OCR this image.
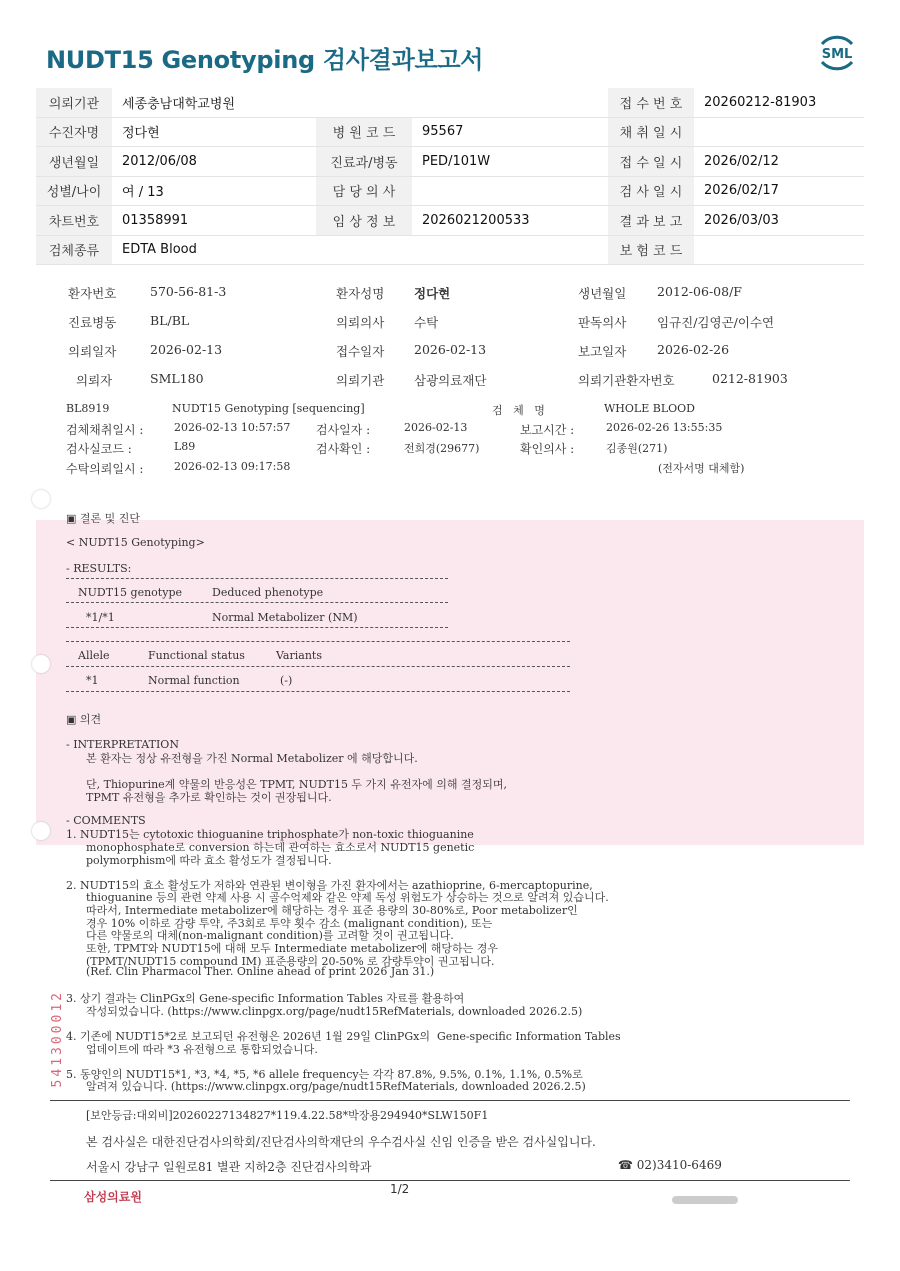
NUDT15 Genotyping 검사결과보고서	SML
의뢰기관	세종충남대학교병원			접 수 번 호	20260212-81903
수진자명	정다현	병 원 코 드	95567	채 취 일 시	
생년월일	2012/06/08	진료과/병동	PED/101W	접 수 일 시	2026/02/12
성별/나이	여 / 13	담 당 의 사		검 사 일 시	2026/02/17
차트번호	01358991	임 상 정 보	2026021200533	결 과 보 고	2026/03/03
검체종류	EDTA Blood			보 험 코 드	
환자번호	570-56-81-3	환자성명 정다현	생년월일 2012-06-08/F
진료병동	BL/BL	의뢰의사 수탁	판독의사 임규진/김영곤/이수연
의뢰일자	2026-02-13	접수일자 2026-02-13	보고일자 2026-02-26
의뢰자	SML180	의뢰기관 삼광의료재단	의뢰기관환자번호	0212-81903
BL8919	NUDT15 Genotyping [sequencing]	검   체   명	WHOLE BLOOD
검체채취일시 :	2026-02-13 10:57:57 검사일자 :	2026-02-13	보고시간 :	2026-02-26 13:55:35
검사실코드 :	L89	검사확인 :	전희경(29677)	확인의사 :	김종원(271)
수탁의뢰일시 :	2026-02-13 09:17:58	(전자서명 대체함)
▣ 결론 및 진단
< NUDT15 Genotyping>
- RESULTS:
NUDT15 genotype	Deduced phenotype
*1/*1	Normal Metabolizer (NM)
Allele	Functional status	Variants
*1	Normal function	(-)
▣ 의견
- INTERPRETATION
본 환자는 정상 유전형을 가진 Normal Metabolizer 에 해당합니다.
단, Thiopurine계 약물의 반응성은 TPMT, NUDT15 두 가지 유전자에 의해 결정되며,
TPMT 유전형을 추가로 확인하는 것이 권장됩니다.
- COMMENTS
1. NUDT15는 cytotoxic thioguanine triphosphate가 non-toxic thioguanine
monophosphate로 conversion 하는데 관여하는 효소로서 NUDT15 genetic
polymorphism에 따라 효소 활성도가 결정됩니다.
2. NUDT15의 효소 활성도가 저하와 연관된 변이형을 가진 환자에서는 azathioprine, 6-mercaptopurine,
thioguanine 등의 관련 약제 사용 시 골수억제와 같은 약제 독성 위험도가 상승하는 것으로 알려져 있습니다.
따라서, Intermediate metabolizer에 해당하는 경우 표준 용량의 30-80%로, Poor metabolizer인
경우 10% 이하로 감량 투약, 주3회로 투약 횟수 감소 (malignant condition), 또는
다른 약물로의 대체(non-malignant condition)를 고려할 것이 권고됩니다.
또한, TPMT와 NUDT15에 대해 모두 Intermediate metabolizer에 해당하는 경우
(TPMT/NUDT15 compound IM) 표준용량의 20-50% 로 감량투약이 권고됩니다.
(Ref. Clin Pharmacol Ther. Online ahead of print 2026 Jan 31.)
3. 상기 결과는 ClinPGx의 Gene-specific Information Tables 자료를 활용하여
작성되었습니다. (https://www.clinpgx.org/page/nudt15RefMaterials, downloaded 2026.2.5)
4. 기존에 NUDT15*2로 보고되던 유전형은 2026년 1월 29일 ClinPGx의  Gene-specific Information Tables
업데이트에 따라 *3 유전형으로 통합되었습니다.
5. 동양인의 NUDT15*1, *3, *4, *5, *6 allele frequency는 각각 87.8%, 9.5%, 0.1%, 1.1%, 0.5%로
알려져 있습니다. (https://www.clinpgx.org/page/nudt15RefMaterials, downloaded 2026.2.5)
541300012
[보안등급:대외비]20260227134827*119.4.22.58*박장용294940*SLW150F1
본 검사실은 대한진단검사의학회/진단검사의학재단의 우수검사실 신임 인증을 받은 검사실입니다.
서울시 강남구 일원로81 별관 지하2층 진단검사의학과	☎ 02)3410-6469
삼성의료원
1/2
